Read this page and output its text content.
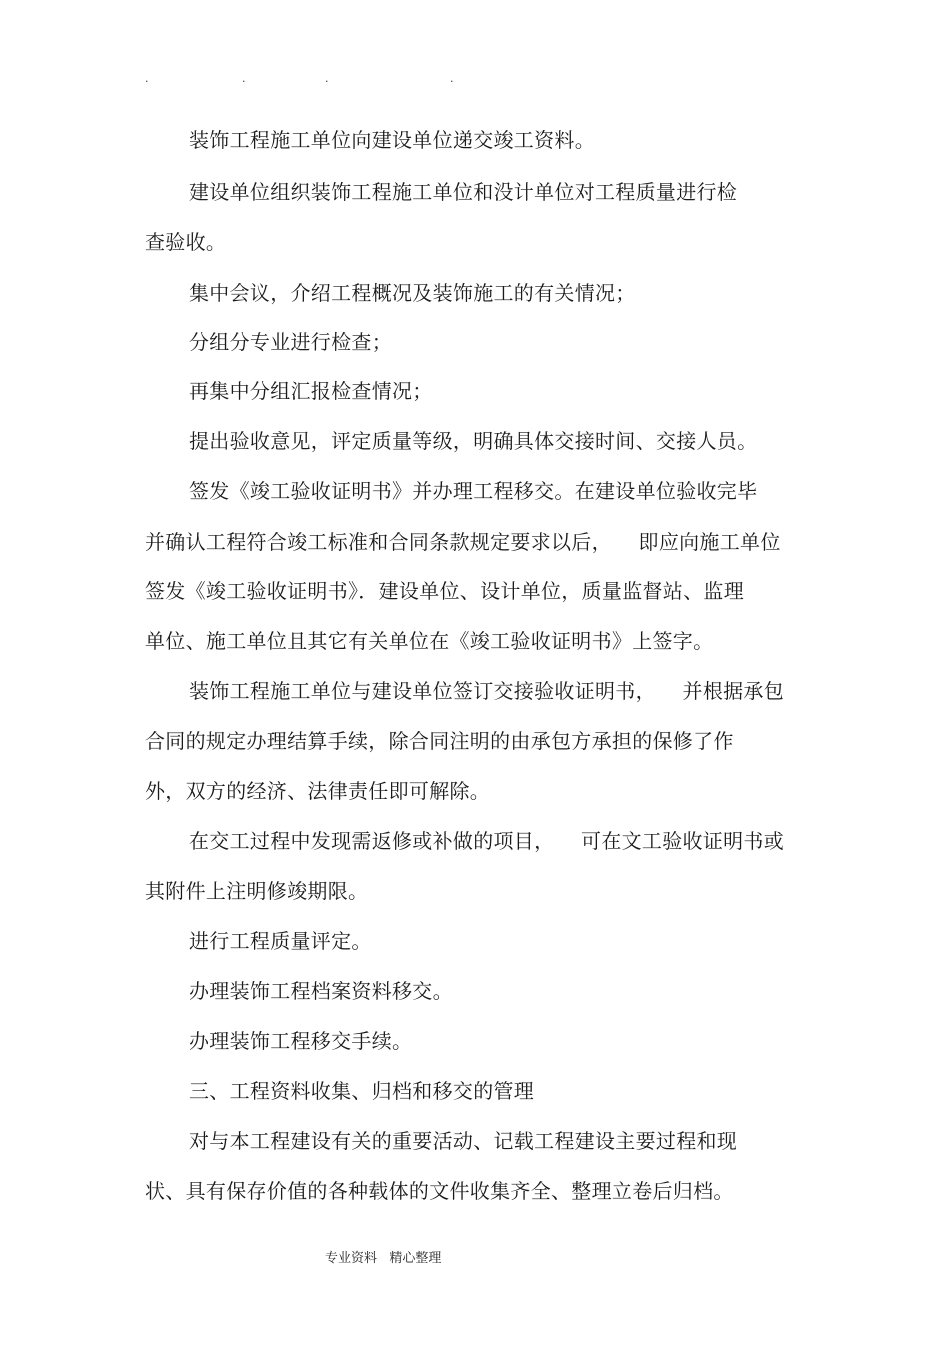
.	.	.	.
装饰工程施工单位向建设单位递交竣工资料。
建设单位组织装饰工程施工单位和没计单位对工程质量进行检
查验收。
集中会议，介绍工程概况及装饰施工的有关情况；
分组分专业进行检查；
再集中分组汇报检查情况；
提出验收意见，评定质量等级，明确具体交接时间、交接人员。
签发《竣工验收证明书》并办理工程移交。在建设单位验收完毕
并确认工程符合竣工标准和合同条款规定要求以后，    即应向施工单位
签发《竣工验收证明书》．建设单位、设计单位，质量监督站、监理
单位、施工单位且其它有关单位在《竣工验收证明书》上签字。
装饰工程施工单位与建设单位签订交接验收证明书，    并根据承包
合同的规定办理结算手续，除合同注明的由承包方承担的保修了作
外，双方的经济、法律责任即可解除。
在交工过程中发现需返修或补做的项目，    可在文工验收证明书或
其附件上注明修竣期限。
进行工程质量评定。
办理装饰工程档案资料移交。
办理装饰工程移交手续。
三、工程资料收集、归档和移交的管理
对与本工程建设有关的重要活动、记载工程建设主要过程和现
状、具有保存价值的各种载体的文件收集齐全、整理立卷后归档。
专业资料   精心整理
